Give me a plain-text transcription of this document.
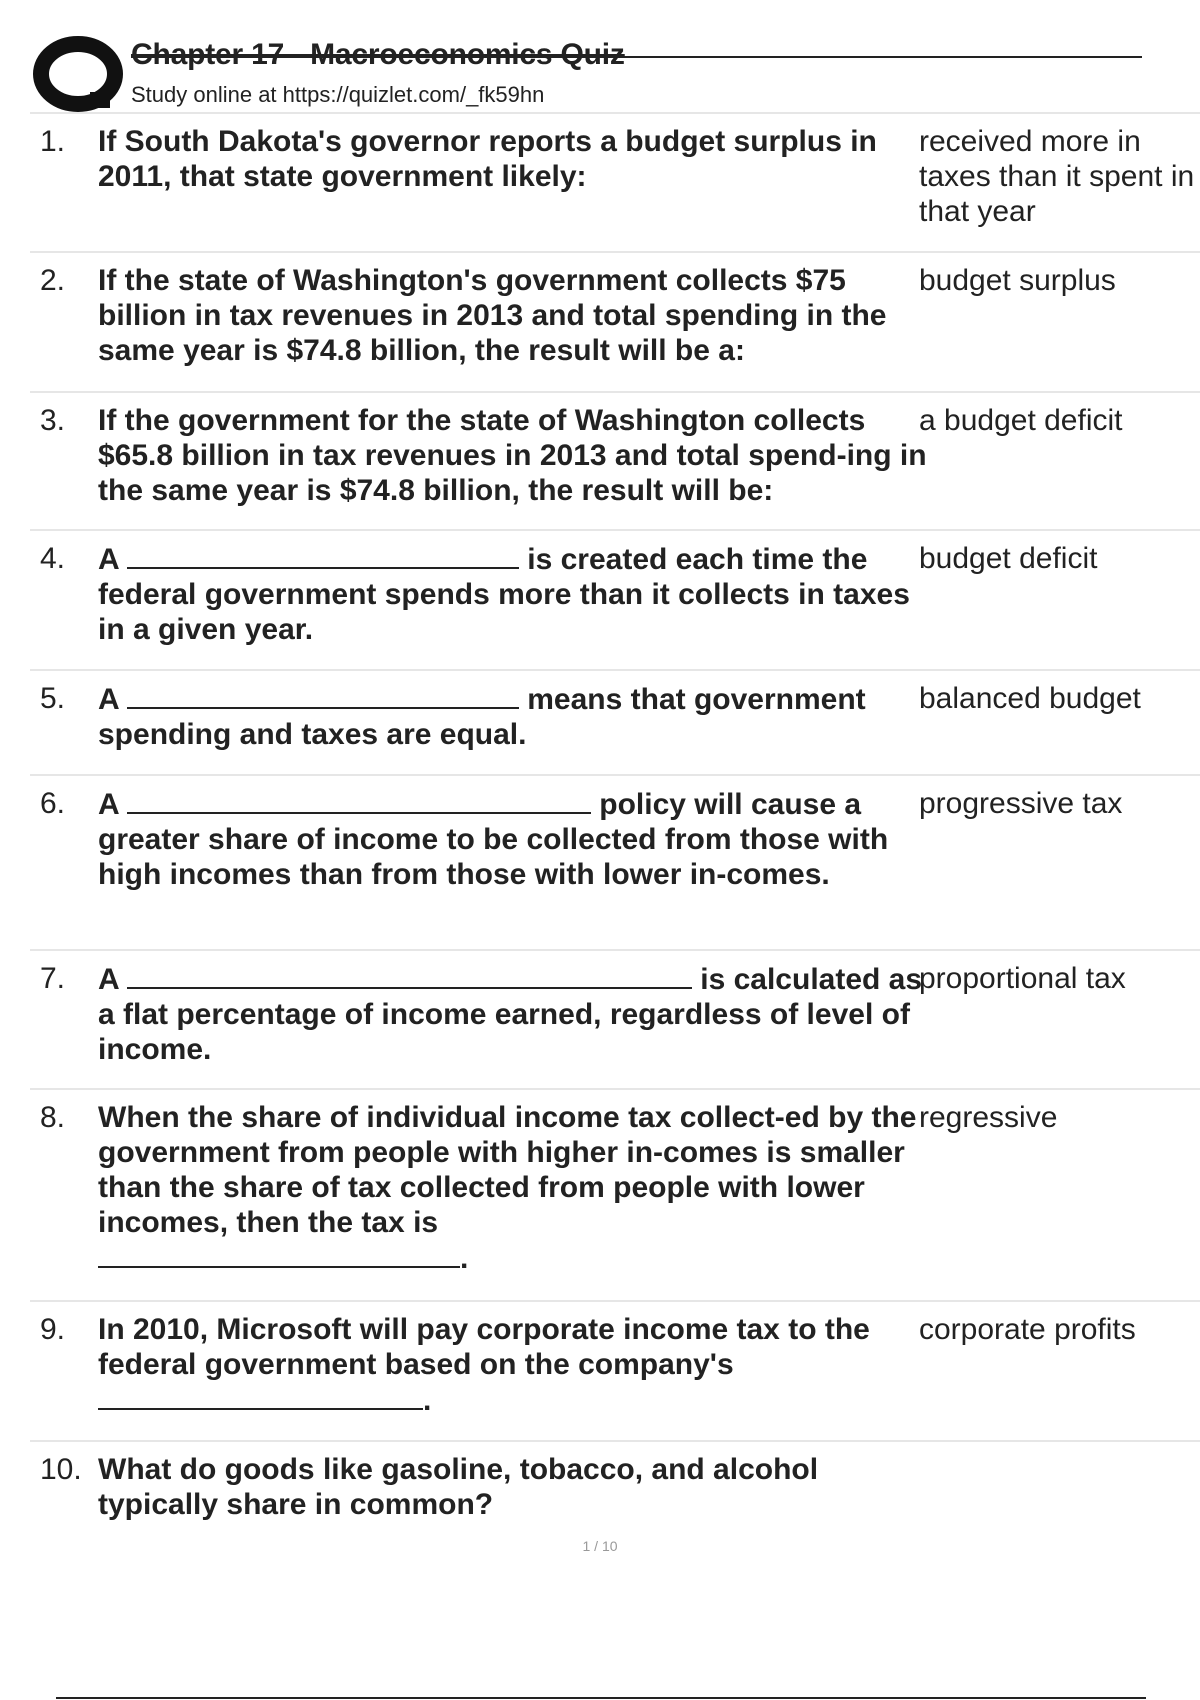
Chapter 17 - Macroeconomics Quiz
Study online at https://quizlet.com/_fk59hn
1. If South Dakota's governor reports a budget surplus in 2011, that state government likely:
received more in taxes than it spent in that year
2. If the state of Washington's government collects $75 billion in tax revenues in 2013 and total spending in the same year is $74.8 billion, the result will be a:
budget surplus
3. If the government for the state of Washington collects $65.8 billion in tax revenues in 2013 and total spend-ing in the same year is $74.8 billion, the result will be:
a budget deficit
4. A	is created each time the federal government spends more than it collects in taxes in a given year.
budget deficit
5. A	means that government spending and taxes are equal.
balanced budget
6. A	policy will cause a greater share of income to be collected from those with high incomes than from those with lower in-comes.
progressive tax
7. A	is calculated as a flat percentage of income earned, regardless of level of income.
proportional tax
8. When the share of individual income tax collect-ed by the government from people with higher in-comes is smaller than the share of tax collected from people with lower incomes, then the tax is
.
regressive
9. In 2010, Microsoft will pay corporate income tax to the federal government based on the company's
.
corporate profits
10. What do goods like gasoline, tobacco, and alcohol typically share in common?
1 / 10
